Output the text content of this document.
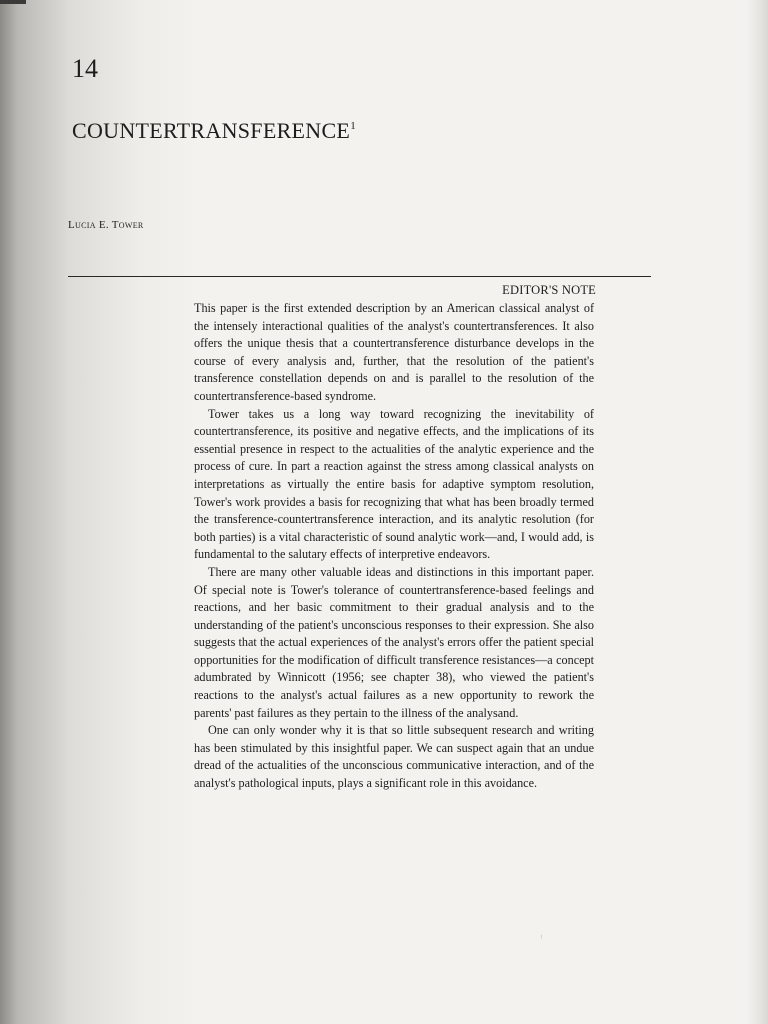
14
COUNTERTRANSFERENCE$^1$
Lucia E. Tower
EDITOR'S NOTE

This paper is the first extended description by an American classical analyst of the intensely interactional qualities of the analyst's countertransferences. It also offers the unique thesis that a countertransference disturbance develops in the course of every analysis and, further, that the resolution of the patient's transference constellation depends on and is parallel to the resolution of the countertransference-based syndrome.

Tower takes us a long way toward recognizing the inevitability of countertransference, its positive and negative effects, and the implications of its essential presence in respect to the actualities of the analytic experience and the process of cure. In part a reaction against the stress among classical analysts on interpretations as virtually the entire basis for adaptive symptom resolution, Tower's work provides a basis for recognizing that what has been broadly termed the transference-countertransference interaction, and its analytic resolution (for both parties) is a vital characteristic of sound analytic work—and, I would add, is fundamental to the salutary effects of interpretive endeavors.

There are many other valuable ideas and distinctions in this important paper. Of special note is Tower's tolerance of countertransference-based feelings and reactions, and her basic commitment to their gradual analysis and to the understanding of the patient's unconscious responses to their expression. She also suggests that the actual experiences of the analyst's errors offer the patient special opportunities for the modification of difficult transference resistances—a concept adumbrated by Winnicott (1956; see chapter 38), who viewed the patient's reactions to the analyst's actual failures as a new opportunity to rework the parents' past failures as they pertain to the illness of the analysand.

One can only wonder why it is that so little subsequent research and writing has been stimulated by this insightful paper. We can suspect again that an undue dread of the actualities of the unconscious communicative interaction, and of the analyst's pathological inputs, plays a significant role in this avoidance.

ꜝ
